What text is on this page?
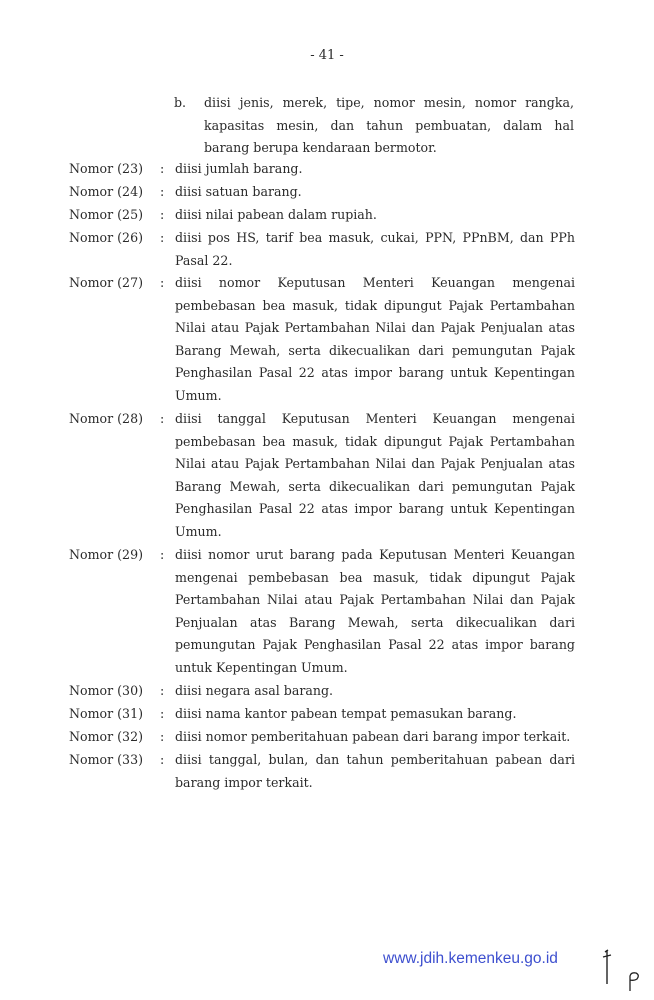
- 41 -
b. diisi jenis, merek, tipe, nomor mesin, nomor rangka, kapasitas mesin, dan tahun pembuatan, dalam hal barang berupa kendaraan bermotor.
Nomor (23)	: diisi jumlah barang.
Nomor (24)	: diisi satuan barang.
Nomor (25)	: diisi nilai pabean dalam rupiah.
Nomor (26)	: diisi pos HS, tarif bea masuk, cukai, PPN, PPnBM, dan PPh Pasal 22.
Nomor (27)	: diisi nomor Keputusan Menteri Keuangan mengenai pembebasan bea masuk, tidak dipungut Pajak Pertambahan Nilai atau Pajak Pertambahan Nilai dan Pajak Penjualan atas Barang Mewah, serta dikecualikan dari pemungutan Pajak Penghasilan Pasal 22 atas impor barang untuk Kepentingan Umum.
Nomor (28)	: diisi tanggal Keputusan Menteri Keuangan mengenai pembebasan bea masuk, tidak dipungut Pajak Pertambahan Nilai atau Pajak Pertambahan Nilai dan Pajak Penjualan atas Barang Mewah, serta dikecualikan dari pemungutan Pajak Penghasilan Pasal 22 atas impor barang untuk Kepentingan Umum.
Nomor (29)	: diisi nomor urut barang pada Keputusan Menteri Keuangan mengenai pembebasan bea masuk, tidak dipungut Pajak Pertambahan Nilai atau Pajak Pertambahan Nilai dan Pajak Penjualan atas Barang Mewah, serta dikecualikan dari pemungutan Pajak Penghasilan Pasal 22 atas impor barang untuk Kepentingan Umum.
Nomor (30)	: diisi negara asal barang.
Nomor (31)	: diisi nama kantor pabean tempat pemasukan barang.
Nomor (32)	: diisi nomor pemberitahuan pabean dari barang impor terkait.
Nomor (33)	: diisi tanggal, bulan, dan tahun pemberitahuan pabean dari barang impor terkait.
www.jdih.kemenkeu.go.id
